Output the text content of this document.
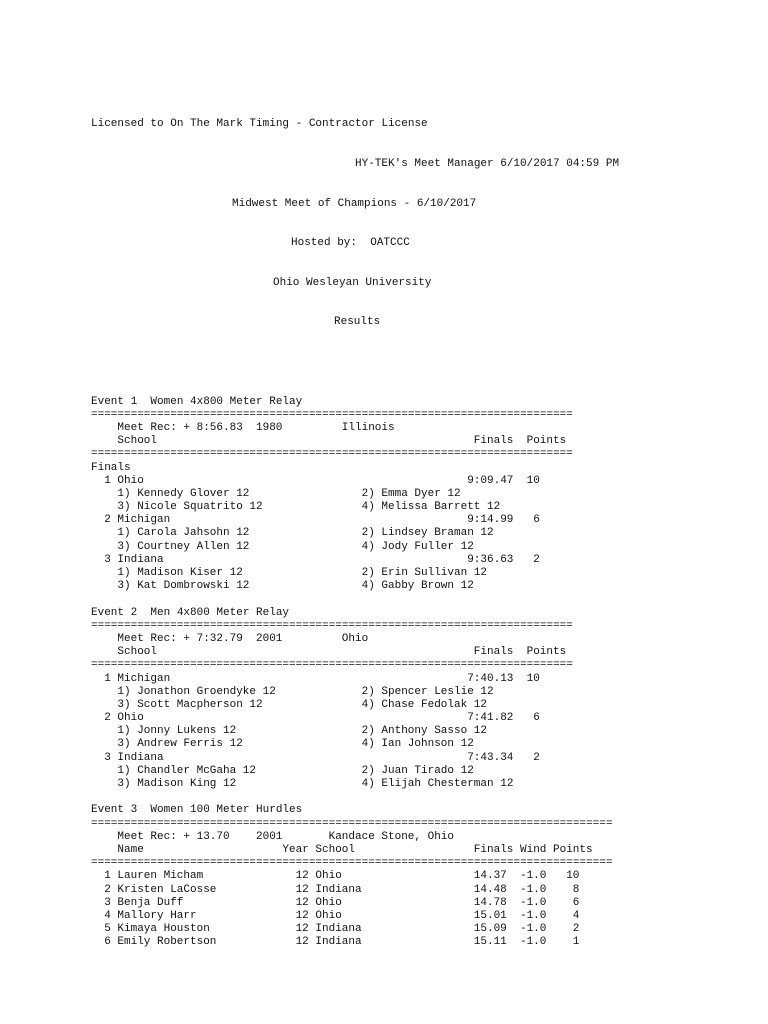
Licensed to On The Mark Timing - Contractor License

HY-TEK's Meet Manager 6/10/2017 04:59 PM

Midwest Meet of Champions - 6/10/2017

Hosted by:  OATCCC

Ohio Wesleyan University

Results

Event 1  Women 4x800 Meter Relay
=========================================================================
Meet Rec: + 8:56.83 1980	Illinois
School	Finals Points
=========================================================================
Finals
1 Ohio	9:09.47	10
1) Kennedy Glover 12	2) Emma Dyer 12
3) Nicole Squatrito 12	4) Melissa Barrett 12
2 Michigan	9:14.99	6
1) Carola Jahsohn 12	2) Lindsey Braman 12
3) Courtney Allen 12	4) Jody Fuller 12
3 Indiana	9:36.63	2
1) Madison Kiser 12	2) Erin Sullivan 12
3) Kat Dombrowski 12	4) Gabby Brown 12
Event 2  Men 4x800 Meter Relay
=========================================================================
Meet Rec: + 7:32.79 2001	Ohio
School	Finals Points
=========================================================================
1 Michigan	7:40.13	10
1) Jonathon Groendyke 12	2) Spencer Leslie 12
3) Scott Macpherson 12	4) Chase Fedolak 12
2 Ohio	7:41.82	6
1) Jonny Lukens 12	2) Anthony Sasso 12
3) Andrew Ferris 12	4) Ian Johnson 12
3 Indiana	7:43.34	2
1) Chandler McGaha 12	2) Juan Tirado 12
3) Madison King 12	4) Elijah Chesterman 12
Event 3  Women 100 Meter Hurdles
===============================================================================
Meet Rec: + 13.70 2001	Kandace Stone, Ohio
Name	Year School	Finals Wind Points
===============================================================================
1 Lauren Micham	12 Ohio	14.37	-1.0	10
2 Kristen LaCosse	12 Indiana	14.48	-1.0	8
3 Benja Duff	12 Ohio	14.78	-1.0	6
4 Mallory Harr	12 Ohio	15.01	-1.0	4
5 Kimaya Houston	12 Indiana	15.09	-1.0	2
6 Emily Robertson	12 Indiana	15.11	-1.0	1
